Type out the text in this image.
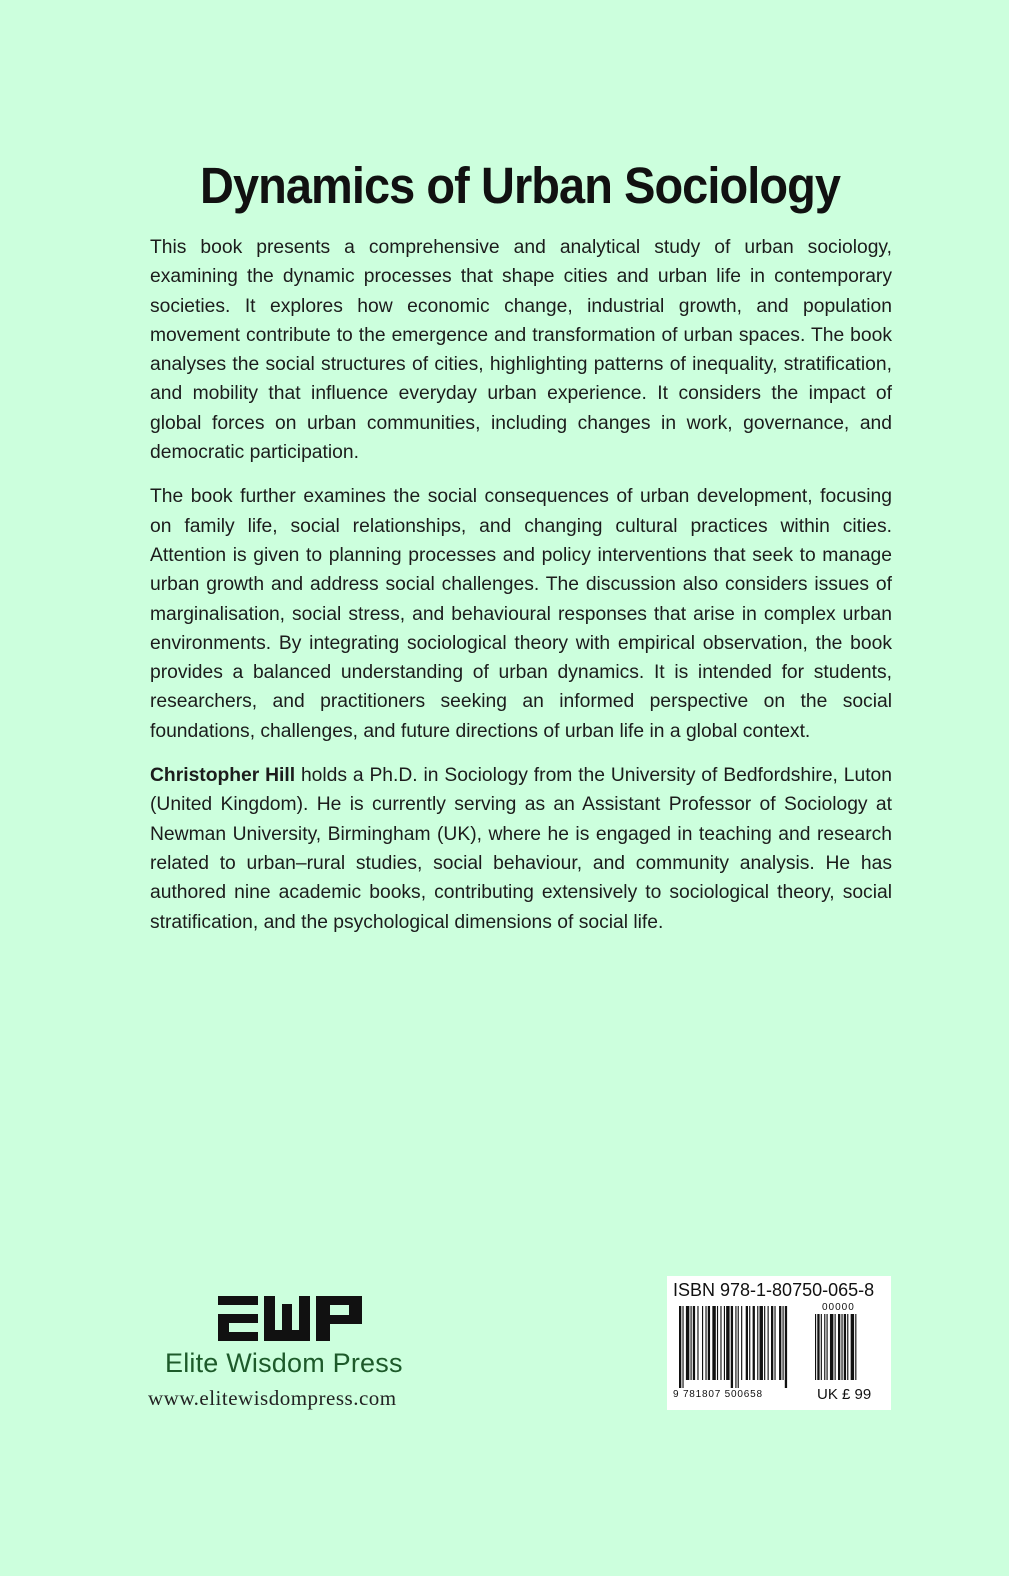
Dynamics of Urban Sociology

This book presents a comprehensive and analytical study of urban sociology, examining the dynamic processes that shape cities and urban life in contemporary societies. It explores how economic change, industrial growth, and population movement contribute to the emergence and transformation of urban spaces. The book analyses the social structures of cities, highlighting patterns of inequality, stratification, and mobility that influence everyday urban experience. It considers the impact of global forces on urban communities, including changes in work, governance, and democratic participation.

The book further examines the social consequences of urban development, focusing on family life, social relationships, and changing cultural practices within cities. Attention is given to planning processes and policy interventions that seek to manage urban growth and address social challenges. The discussion also considers issues of marginalisation, social stress, and behavioural responses that arise in complex urban environments. By integrating sociological theory with empirical observation, the book provides a balanced understanding of urban dynamics. It is intended for students, researchers, and practitioners seeking an informed perspective on the social foundations, challenges, and future directions of urban life in a global context.

Christopher Hill holds a Ph.D. in Sociology from the University of Bedfordshire, Luton (United Kingdom). He is currently serving as an Assistant Professor of Sociology at Newman University, Birmingham (UK), where he is engaged in teaching and research related to urban–rural studies, social behaviour, and community analysis. He has authored nine academic books, contributing extensively to sociological theory, social stratification, and the psychological dimensions of social life.

Elite Wisdom Press
www.elitewisdompress.com
ISBN 978-1-80750-065-8
00000
9 781807 500658	UK £ 99
